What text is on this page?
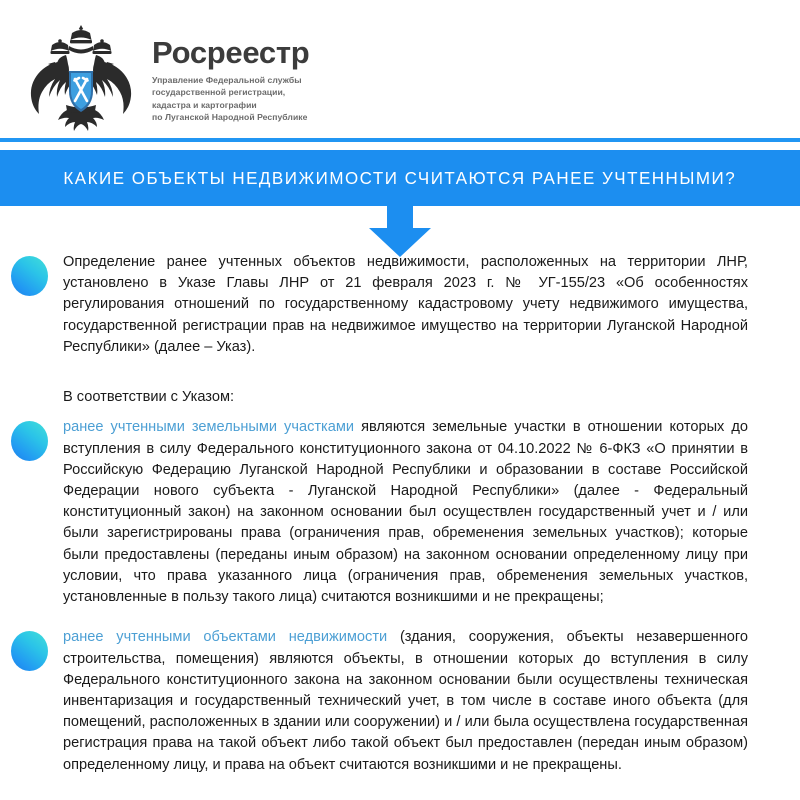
Росреестр
Управление Федеральной службы
государственной регистрации,
кадастра и картографии
по Луганской Народной Республике
КАКИЕ ОБЪЕКТЫ НЕДВИЖИМОСТИ СЧИТАЮТСЯ РАНЕЕ УЧТЕННЫМИ?

Определение ранее учтенных объектов недвижимости, расположенных на территории ЛНР, установлено в Указе Главы ЛНР от 21 февраля 2023 г. № УГ-155/23 «Об особенностях регулирования отношений по государственному кадастровому учету недвижимого имущества, государственной регистрации прав на недвижимое имущество на территории Луганской Народной Республики» (далее – Указ).

В соответствии с Указом:

ранее учтенными земельными участками являются земельные участки в отношении которых до вступления в силу Федерального конституционного закона от 04.10.2022 № 6-ФКЗ «О принятии в Российскую Федерацию Луганской Народной Республики и образовании в составе Российской Федерации нового субъекта - Луганской Народной Республики» (далее - Федеральный конституционный закон) на законном основании был осуществлен государственный учет и / или были зарегистрированы права (ограничения прав, обременения земельных участков); которые были предоставлены (переданы иным образом) на законном основании определенному лицу при условии, что права указанного лица (ограничения прав, обременения земельных участков, установленные в пользу такого лица) считаются возникшими и не прекращены;

ранее учтенными объектами недвижимости (здания, сооружения, объекты незавершенного строительства, помещения) являются объекты, в отношении которых до вступления в силу Федерального конституционного закона на законном основании были осуществлены техническая инвентаризация и государственный технический учет, в том числе в составе иного объекта (для помещений, расположенных в здании или сооружении) и / или была осуществлена государственная регистрация права на такой объект либо такой объект был предоставлен (передан иным образом) определенному лицу, и права на объект считаются возникшими и не прекращены.
